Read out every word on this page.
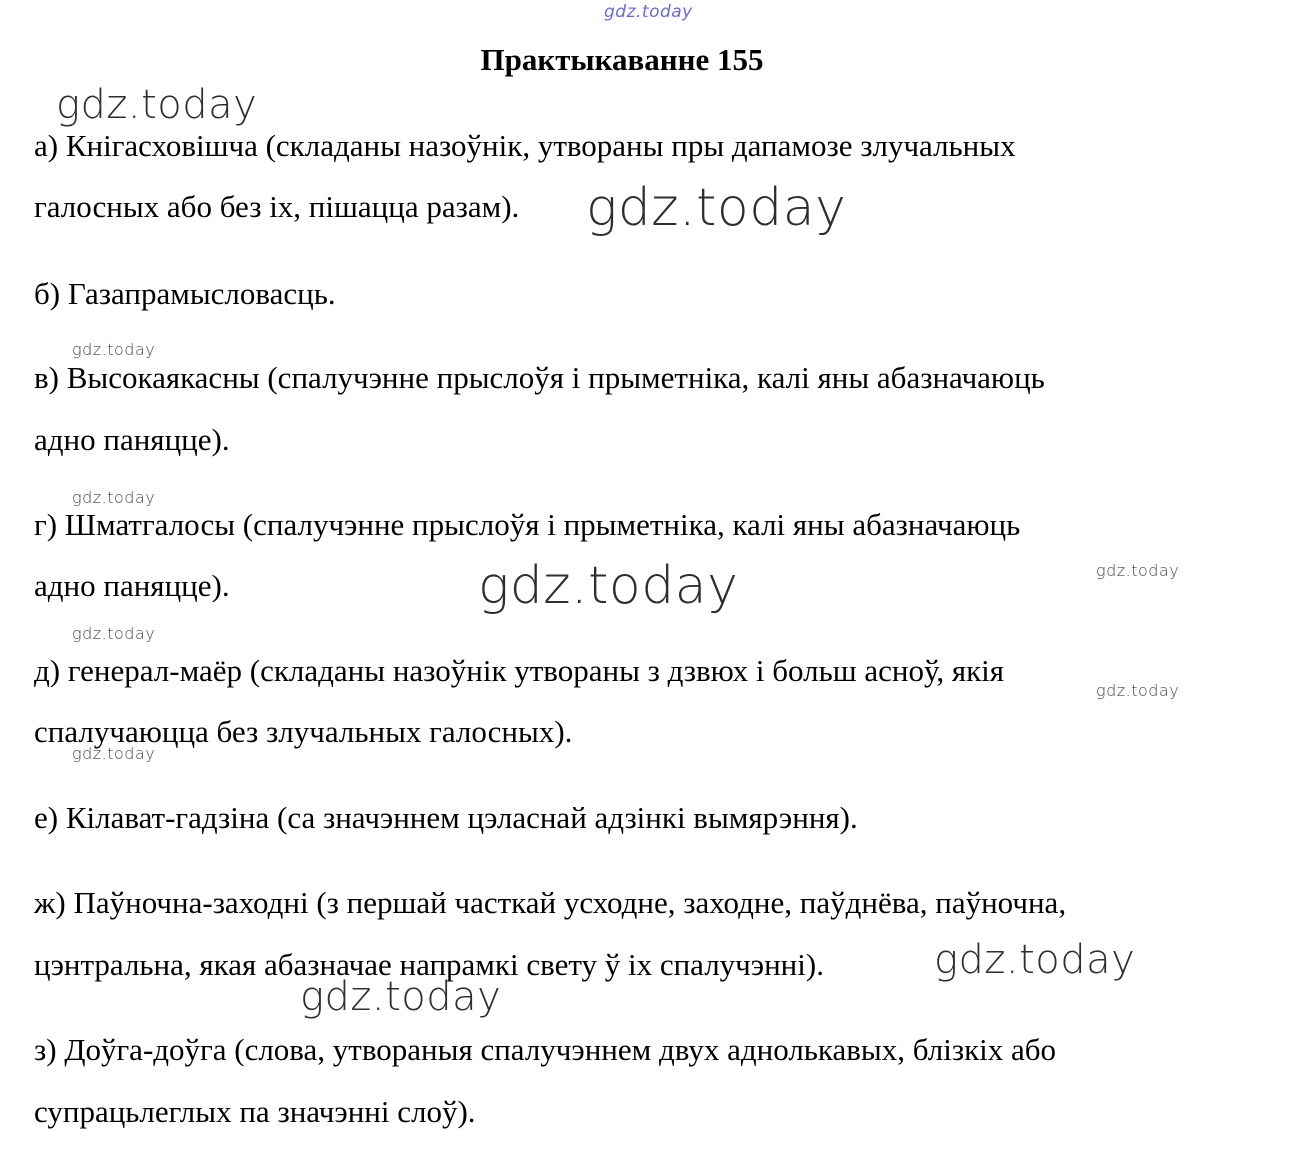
gdz.today
gdz.today
gdz.today
gdz.today
gdz.today
gdz.today	gdz.today
gdz.today
gdz.today
gdz.today
gdz.today
gdz.today
Практыкаванне 155
а) Кнігасховішча (складаны назоўнік, утвораны пры дапамозе злучальных
галосных або без іх, пішацца разам).
б) Газапрамысловасць.
в) Высокаякасны (спалучэнне прыслоўя і прыметніка, калі яны абазначаюць
адно паняцце).
г) Шматгалосы (спалучэнне прыслоўя і прыметніка, калі яны абазначаюць
адно паняцце).
д) генерал-маёр (складаны назоўнік утвораны з дзвюх і больш асноў, якія
спалучаюцца без злучальных галосных).
е) Кілават-гадзіна (са значэннем цэласнай адзінкі вымярэння).
ж) Паўночна-заходні (з першай часткай усходне, заходне, паўднёва, паўночна,
цэнтральна, якая абазначае напрамкі свету ў іх спалучэнні).
з) Доўга-доўга (слова, утвораныя спалучэннем двух аднолькавых, блізкіх або
супрацьлеглых па значэнні слоў).
